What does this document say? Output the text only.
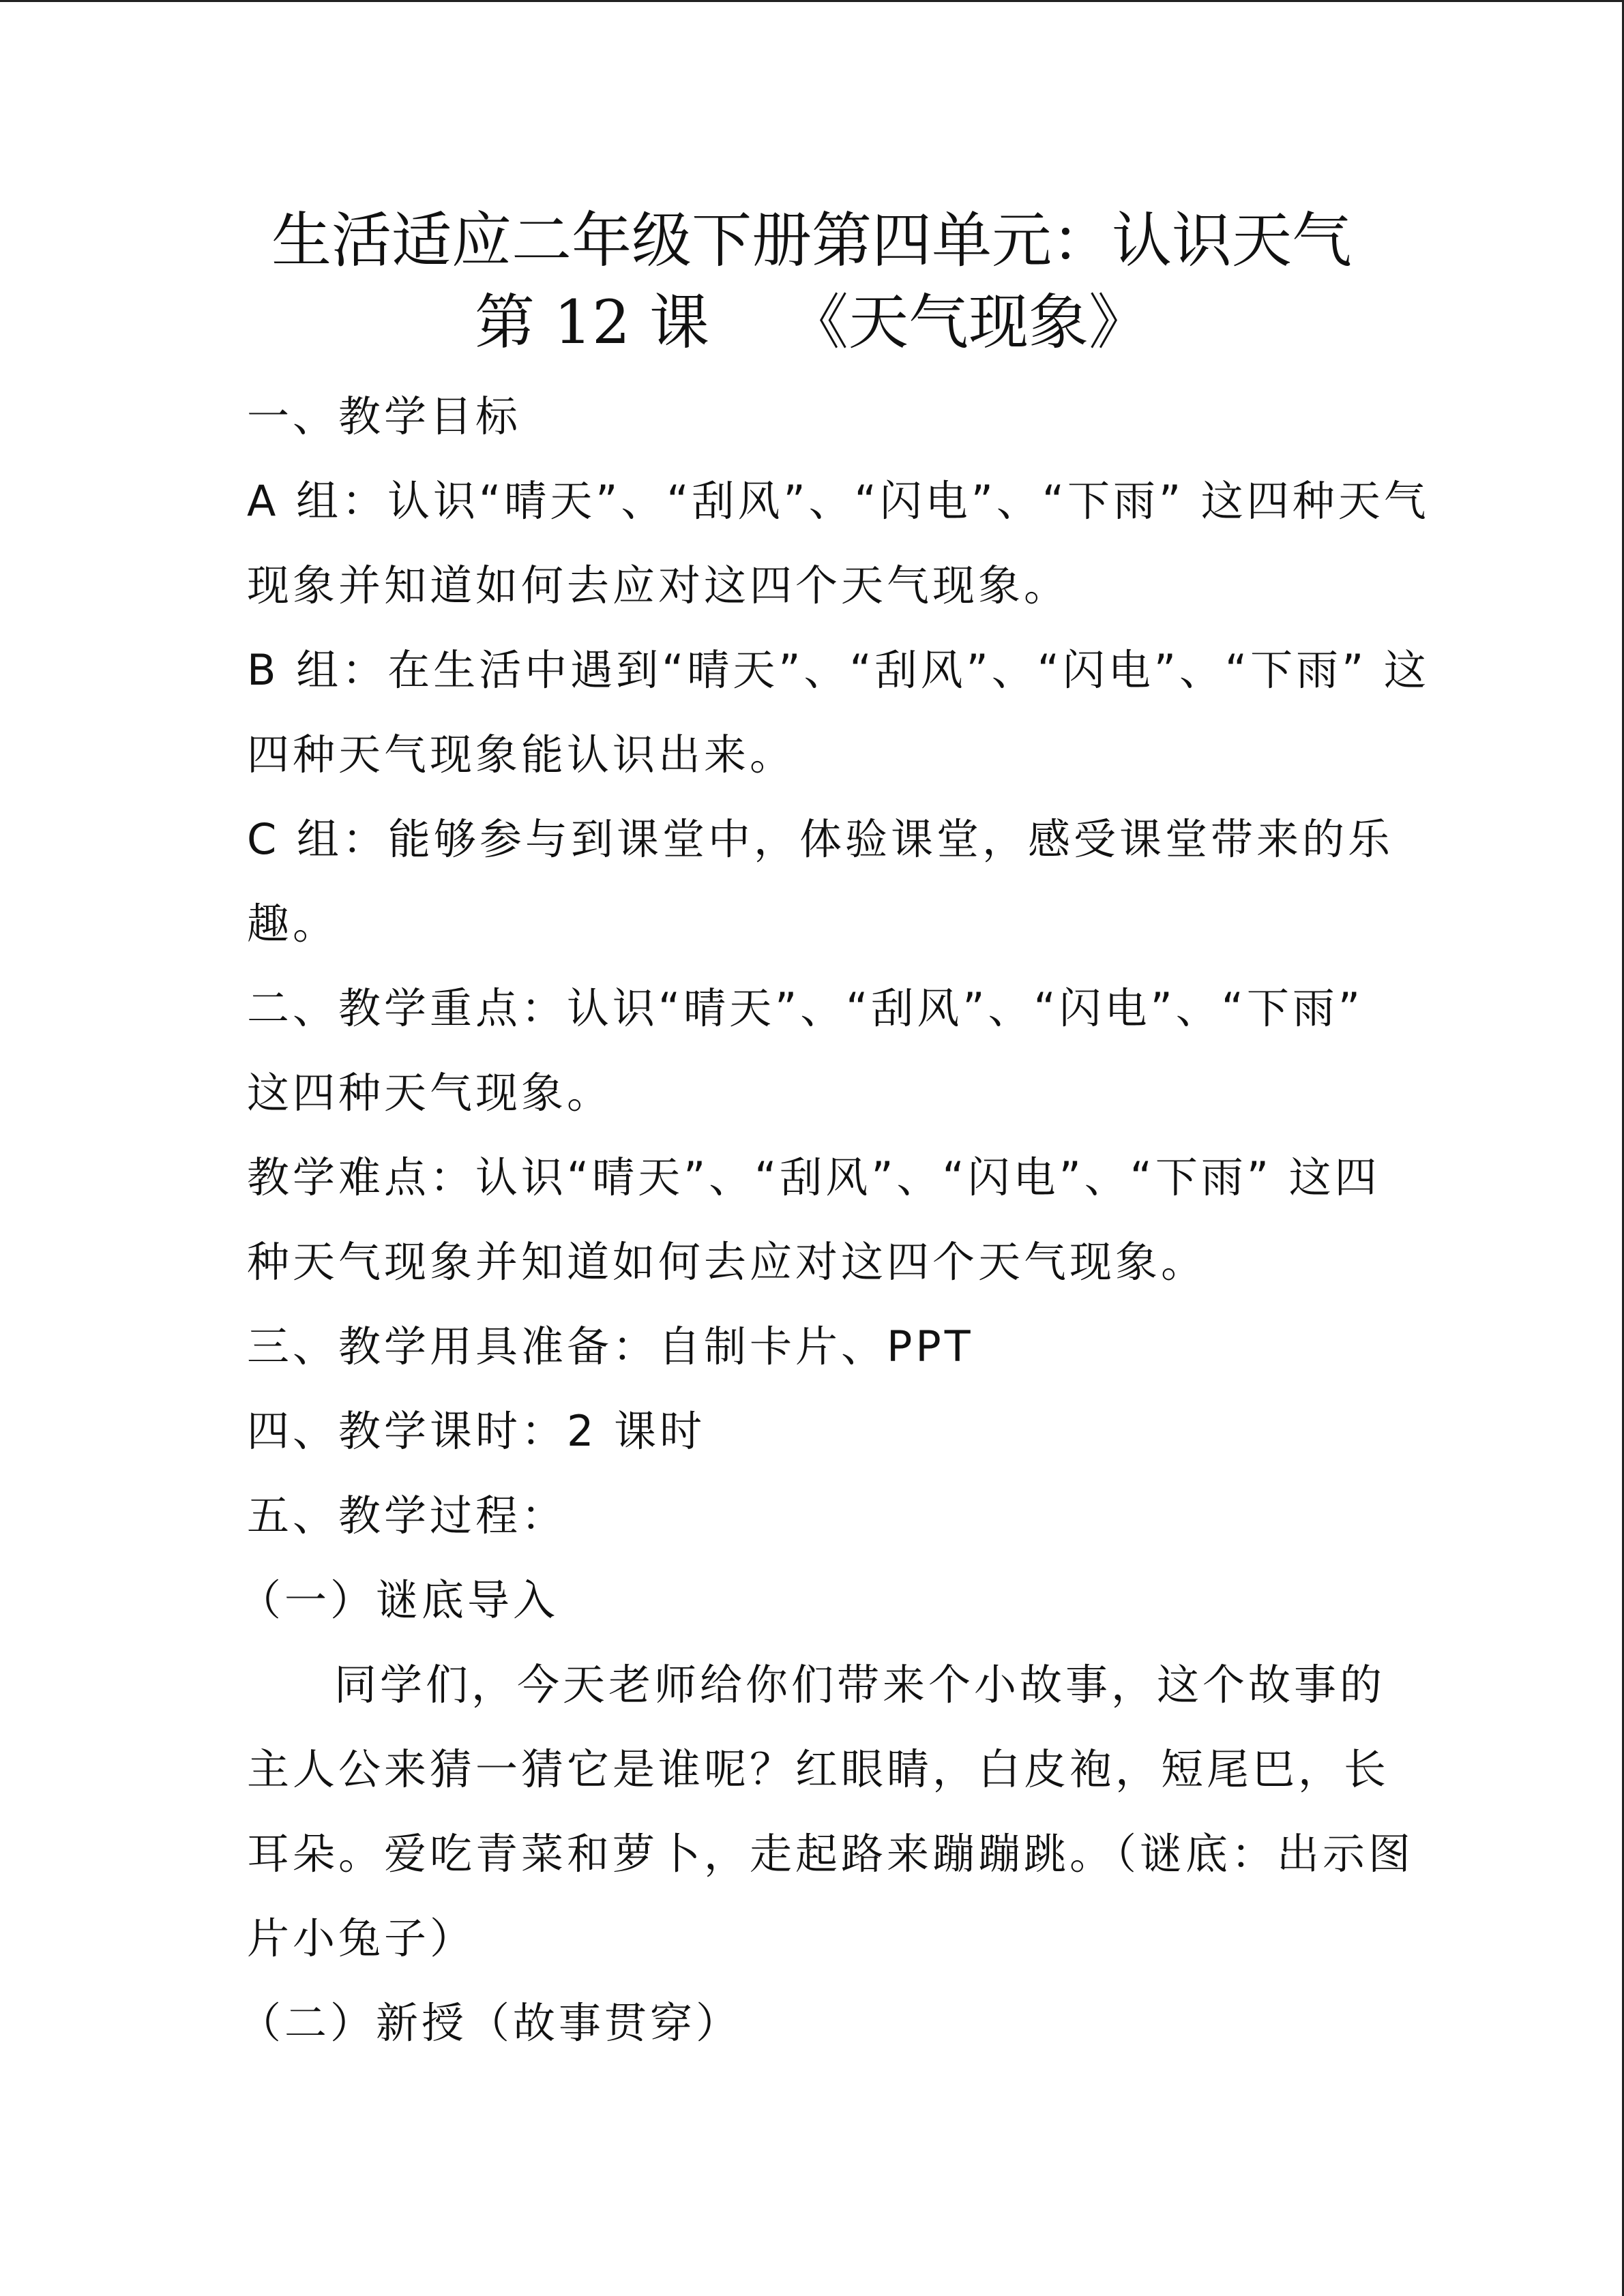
生活适应二年级下册第四单元：认识天气
第 12 课　 《天气现象》
一、教学目标
A 组：认识“晴天”、“刮风”、“闪电”、“下雨” 这四种天气
现象并知道如何去应对这四个天气现象。
B 组：在生活中遇到“晴天”、“刮风”、“闪电”、“下雨” 这
四种天气现象能认识出来。
C 组：能够参与到课堂中，体验课堂，感受课堂带来的乐
趣。
二、教学重点：认识“晴天”、“刮风”、“闪电”、“下雨”
这四种天气现象。
教学难点：认识“晴天”、“刮风”、“闪电”、“下雨” 这四
种天气现象并知道如何去应对这四个天气现象。
三、教学用具准备：自制卡片、PPT
四、教学课时：2 课时
五、教学过程：
（一）谜底导入
同学们，今天老师给你们带来个小故事，这个故事的
主人公来猜一猜它是谁呢？红眼睛，白皮袍，短尾巴，长
耳朵。爱吃青菜和萝卜，走起路来蹦蹦跳。（谜底：出示图
片小兔子）
（二）新授（故事贯穿）
